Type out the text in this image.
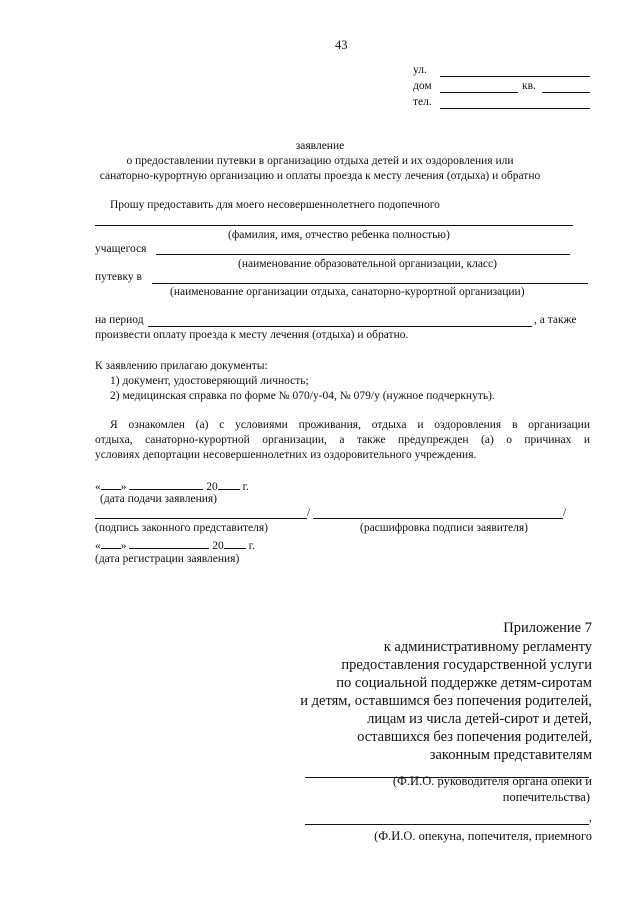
43
ул.
дом	кв.
тел.
заявление
о предоставлении путевки в организацию отдыха детей и их оздоровления или
санаторно-курортную организацию и оплаты проезда к месту лечения (отдыха) и обратно
Прошу предоставить для моего несовершеннолетнего подопечного
(фамилия, имя, отчество ребенка полностью)
учащегося
(наименование образовательной организации, класс)
путевку в
(наименование организации отдыха, санаторно-курортной организации)
на период	, а также
произвести оплату проезда к месту лечения (отдыха) и обратно.
К заявлению прилагаю документы:
1) документ, удостоверяющий личность;
2) медицинская справка по форме № 070/у-04, № 079/у (нужное подчеркнуть).
Я ознакомлен (а) с условиями проживания, отдыха и оздоровления в организации
отдыха, санаторно-курортной организации, а также предупрежден (а) о причинах и
условиях депортации несовершеннолетних из оздоровительного учреждения.
« »	20 г.
(дата подачи заявления)
/	/
(подпись законного представителя)	(расшифровка подписи заявителя)
« »	20 г.
(дата регистрации заявления)
Приложение 7
к административному регламенту
предоставления государственной услуги
по социальной поддержке детям-сиротам
и детям, оставшимся без попечения родителей,
лицам из числа детей-сирот и детей,
оставшихся без попечения родителей,
законным представителям
(Ф.И.О. руководителя органа опеки и
попечительства)
,
(Ф.И.О. опекуна, попечителя, приемного
